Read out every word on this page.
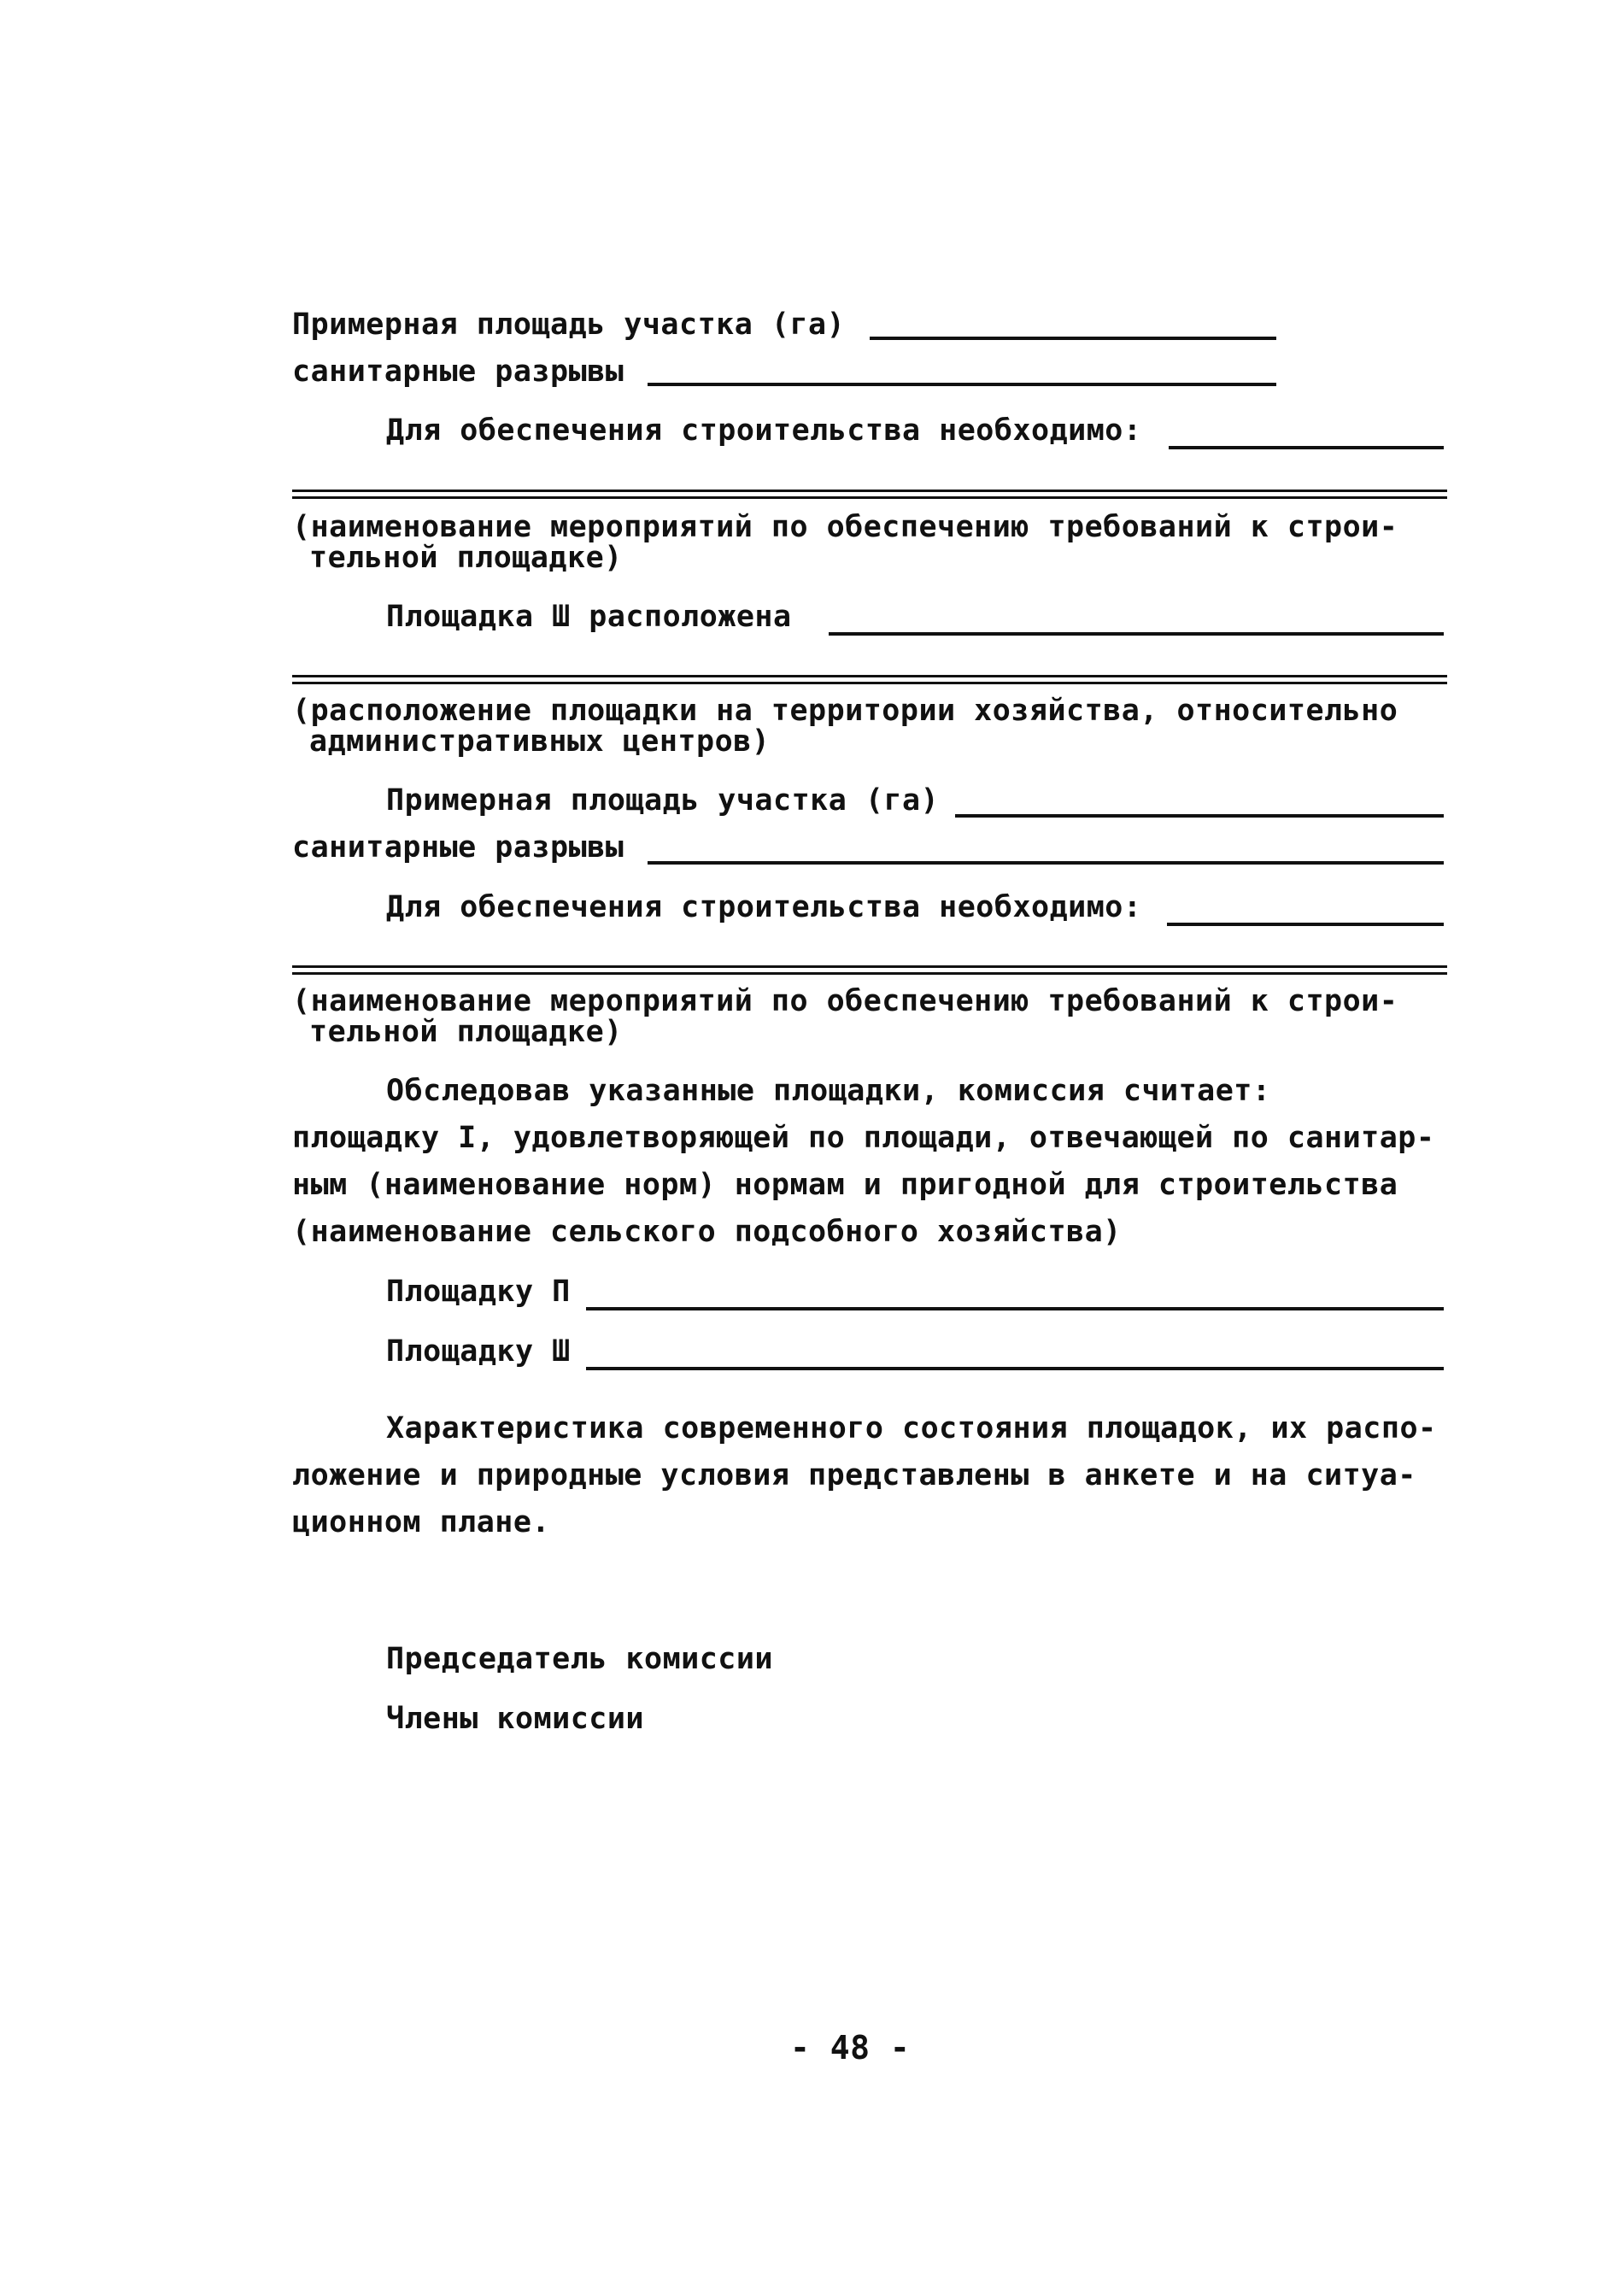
Примерная площадь участка (га)
санитарные разрывы
Для обеспечения строительства необходимо:
(наименование мероприятий по обеспечению требований к строи-
тельной площадке)
Площадка Ш расположена
(расположение площадки на территории хозяйства, относительно
административных центров)
Примерная площадь участка (га)
санитарные разрывы
Для обеспечения строительства необходимо:
(наименование мероприятий по обеспечению требований к строи-
тельной площадке)
Обследовав указанные площадки, комиссия считает:
площадку I, удовлетворяющей по площади, отвечающей по санитар-
ным (наименование норм) нормам и пригодной для строительства
(наименование сельского подсобного хозяйства)
Площадку П
Площадку Ш
Характеристика современного состояния площадок, их распо-
ложение и природные условия представлены в анкете и на ситуа-
ционном плане.
Председатель комиссии
Члены комиссии
- 48 -
